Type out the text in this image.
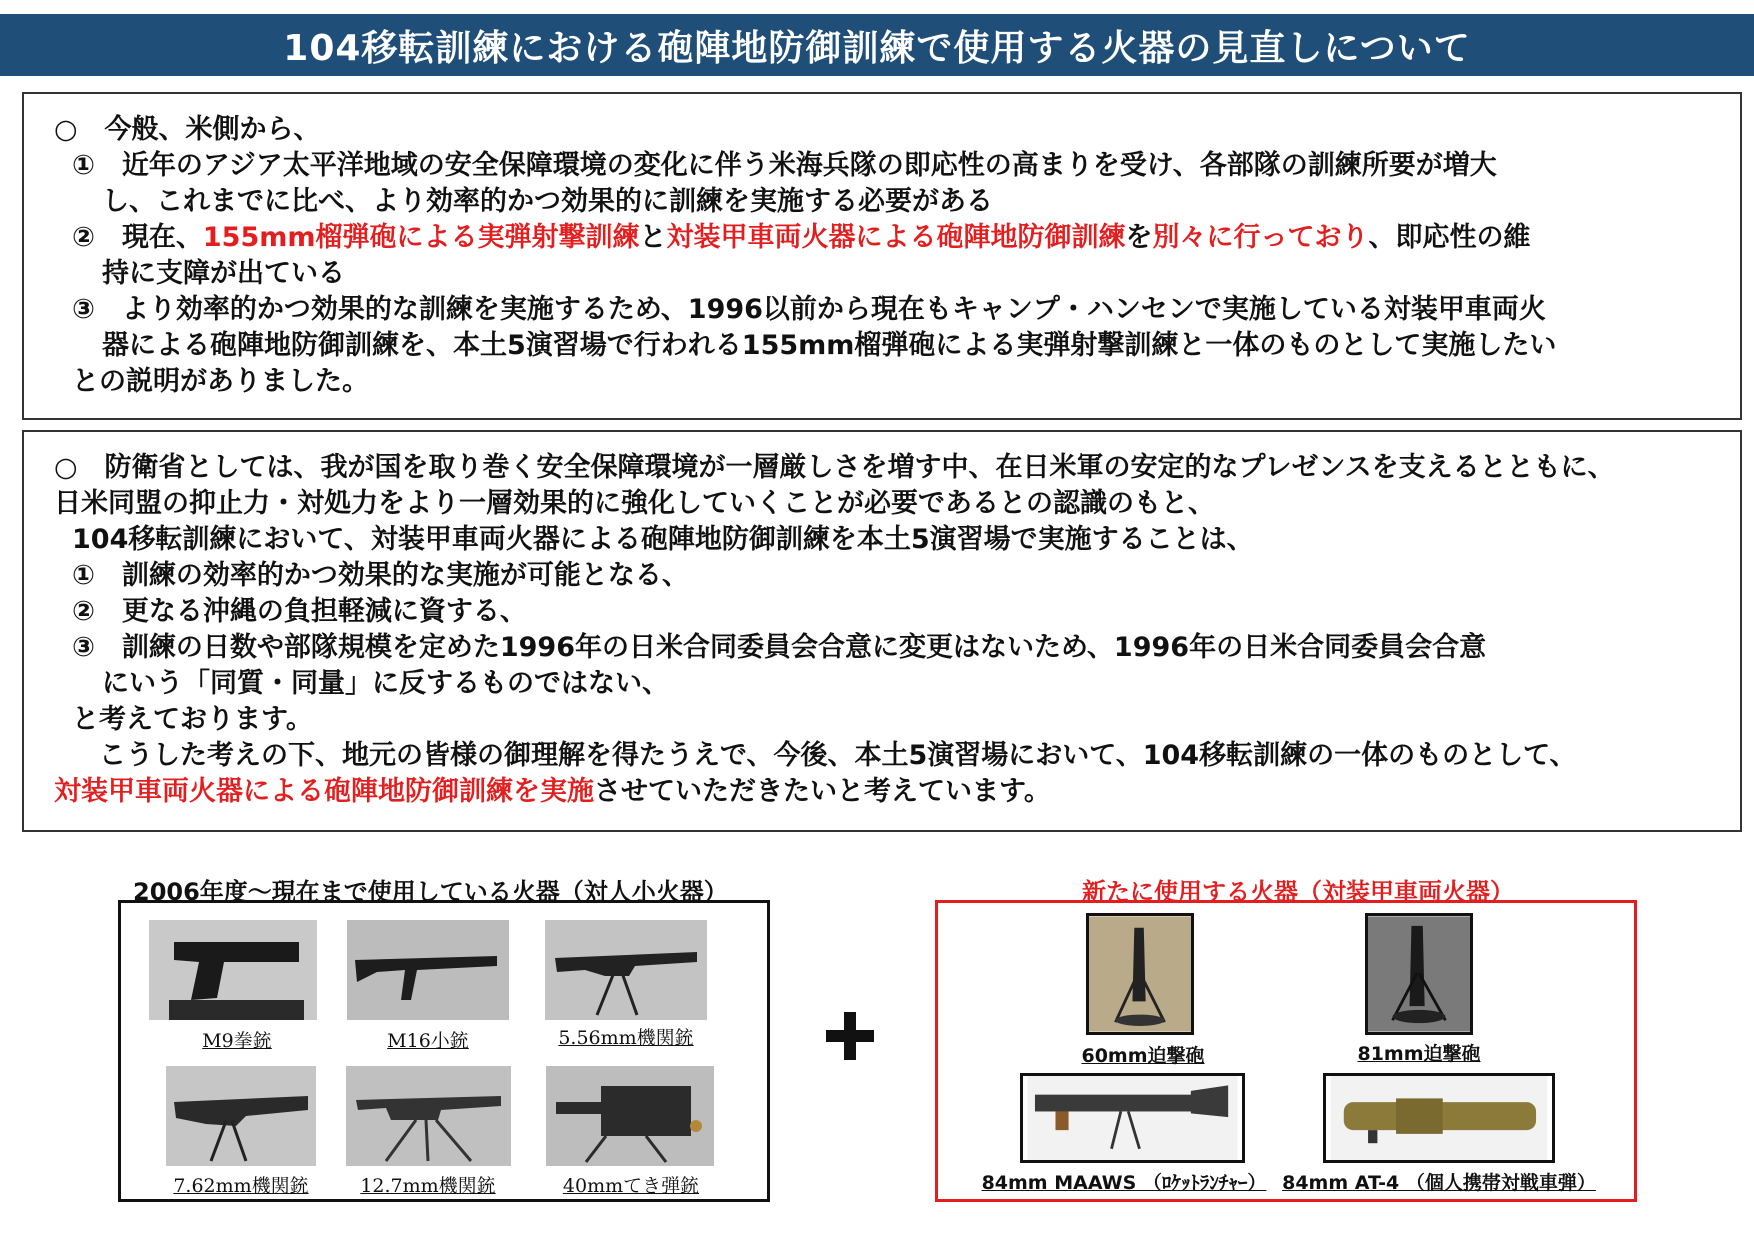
104移転訓練における砲陣地防御訓練で使用する火器の見直しについて

○　今般、米側から、

①　近年のアジア太平洋地域の安全保障環境の変化に伴う米海兵隊の即応性の高まりを受け、各部隊の訓練所要が増大

し、これまでに比べ、より効率的かつ効果的に訓練を実施する必要がある

②　現在、155mm榴弾砲による実弾射撃訓練と対装甲車両火器による砲陣地防御訓練を別々に行っており、即応性の維

持に支障が出ている

③　より効率的かつ効果的な訓練を実施するため、1996以前から現在もキャンプ・ハンセンで実施している対装甲車両火

器による砲陣地防御訓練を、本土5演習場で行われる155mm榴弾砲による実弾射撃訓練と一体のものとして実施したい

との説明がありました。

○　防衛省としては、我が国を取り巻く安全保障環境が一層厳しさを増す中、在日米軍の安定的なプレゼンスを支えるとともに、

日米同盟の抑止力・対処力をより一層効果的に強化していくことが必要であるとの認識のもと、

104移転訓練において、対装甲車両火器による砲陣地防御訓練を本土5演習場で実施することは、

①　訓練の効率的かつ効果的な実施が可能となる、

②　更なる沖縄の負担軽減に資する、

③　訓練の日数や部隊規模を定めた1996年の日米合同委員会合意に変更はないため、1996年の日米合同委員会合意

にいう「同質・同量」に反するものではない、

と考えております。

　こうした考えの下、地元の皆様の御理解を得たうえで、今後、本土5演習場において、104移転訓練の一体のものとして、

対装甲車両火器による砲陣地防御訓練を実施させていただきたいと考えています。

2006年度～現在まで使用している火器（対人小火器）	新たに使用する火器（対装甲車両火器）
M9拳銃	M16小銃	5.56mm機関銃
7.62mm機関銃	12.7mm機関銃	40mmてき弾銃
60mm迫撃砲	81mm迫撃砲
84mm MAAWS （ﾛｹｯﾄﾗﾝﾁｬｰ） 84mm AT-4 （個人携帯対戦車弾）
